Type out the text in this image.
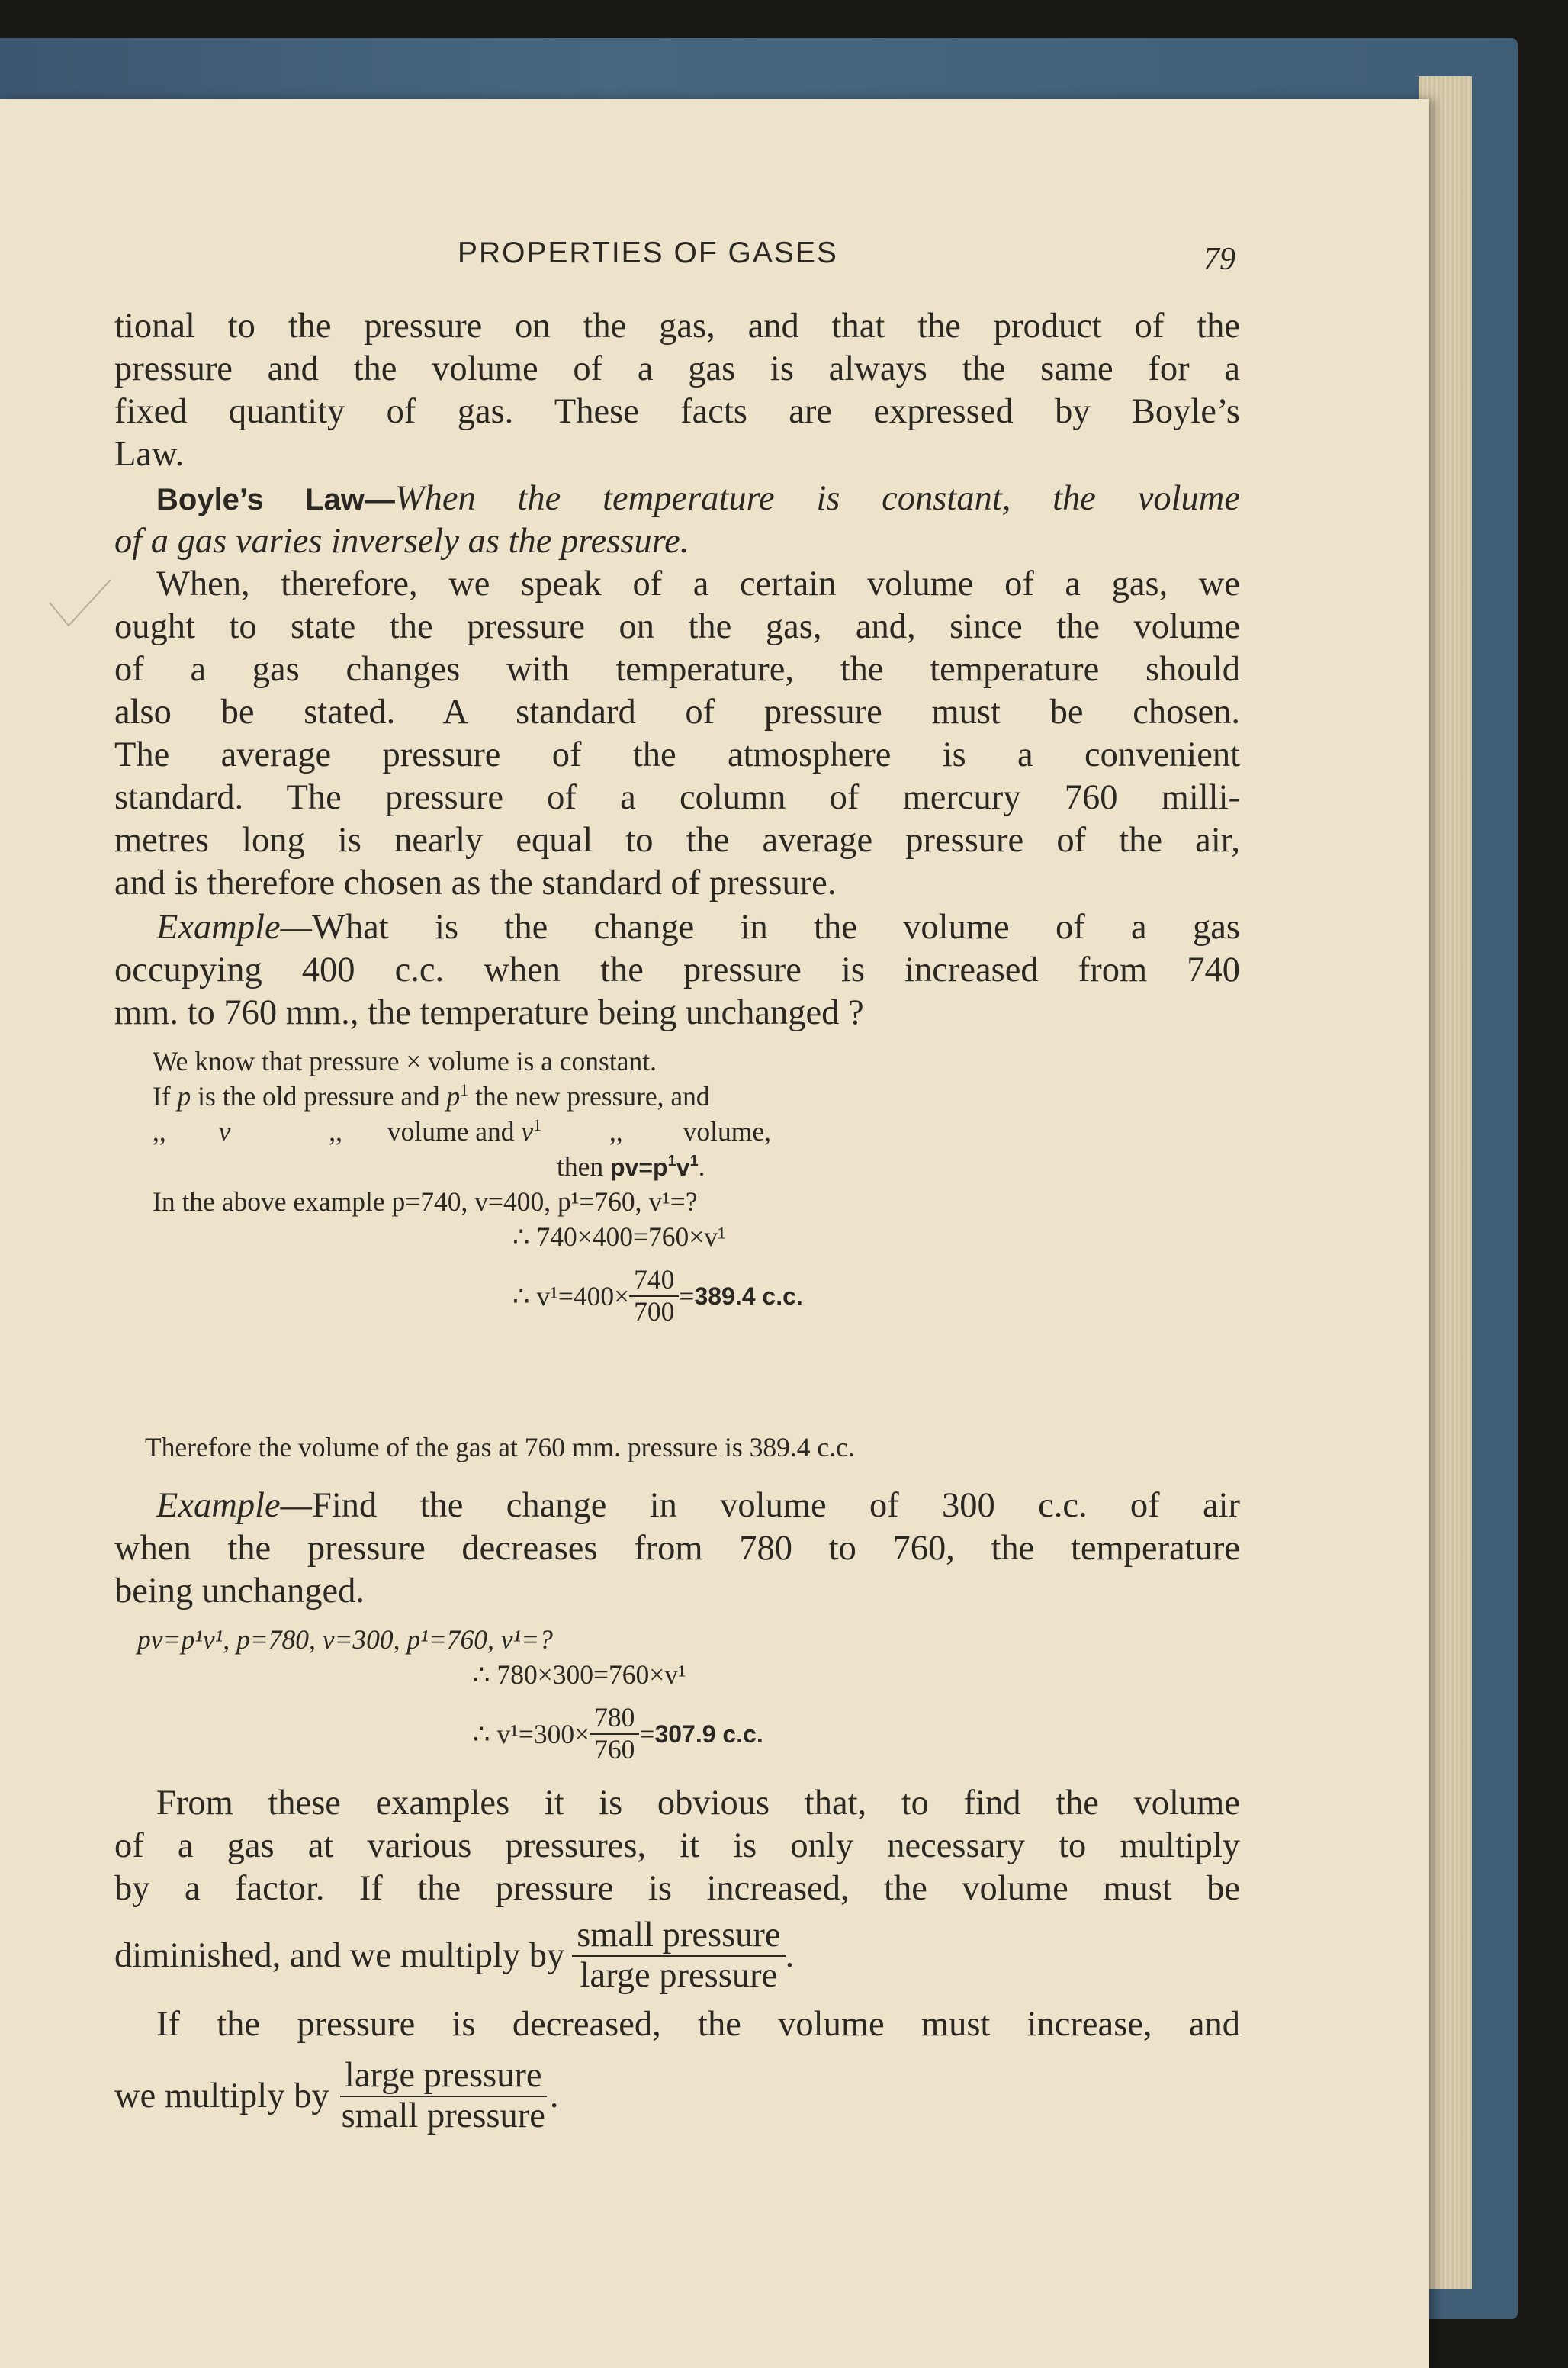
PROPERTIES OF GASES	79
tional to the pressure on the gas, and that the product of the
pressure and the volume of a gas is always the same for a
fixed quantity of gas. These facts are expressed by Boyle’s
Law.
Boyle’s Law—When the temperature is constant, the volume
of a gas varies inversely as the pressure.
When, therefore, we speak of a certain volume of a gas, we
ought to state the pressure on the gas, and, since the volume
of a gas changes with temperature, the temperature should
also be stated. A standard of pressure must be chosen.
The average pressure of the atmosphere is a convenient
standard. The pressure of a column of mercury 760 milli-
metres long is nearly equal to the average pressure of the air,
and is therefore chosen as the standard of pressure.
Example—What is the change in the volume of a gas
occupying 400 c.c. when the pressure is increased from 740
mm. to 760 mm., the temperature being unchanged ?
We know that pressure × volume is a constant.
If p is the old pressure and $p^1$ the new pressure, and
,, v	,, volume and $v^1$	,, volume,
then $pv=p^1v^1$.
In the above example p=740, v=400, p¹=760, v¹=?
∴ 740×400=760×v¹
∴ $v^1=400\times \frac{740}{700} = 389.4$ c.c.
Therefore the volume of the gas at 760 mm. pressure is 389.4 c.c.
Example—Find the change in volume of 300 c.c. of air
when the pressure decreases from 780 to 760, the temperature
being unchanged.
pv=p¹v¹, p=780, v=300, p¹=760, v¹=?
∴ 780×300=760×v¹
∴ $v^1=300\times \frac{780}{760} = 307.9$ c.c.
From these examples it is obvious that, to find the volume
of a gas at various pressures, it is only necessary to multiply
by a factor. If the pressure is increased, the volume must be
diminished, and we multiply by $\frac{\text{small pressure}}{\text{large pressure}}$ .
If the pressure is decreased, the volume must increase, and
we multiply by $\frac{\text{large pressure}}{\text{small pressure}}$ .
